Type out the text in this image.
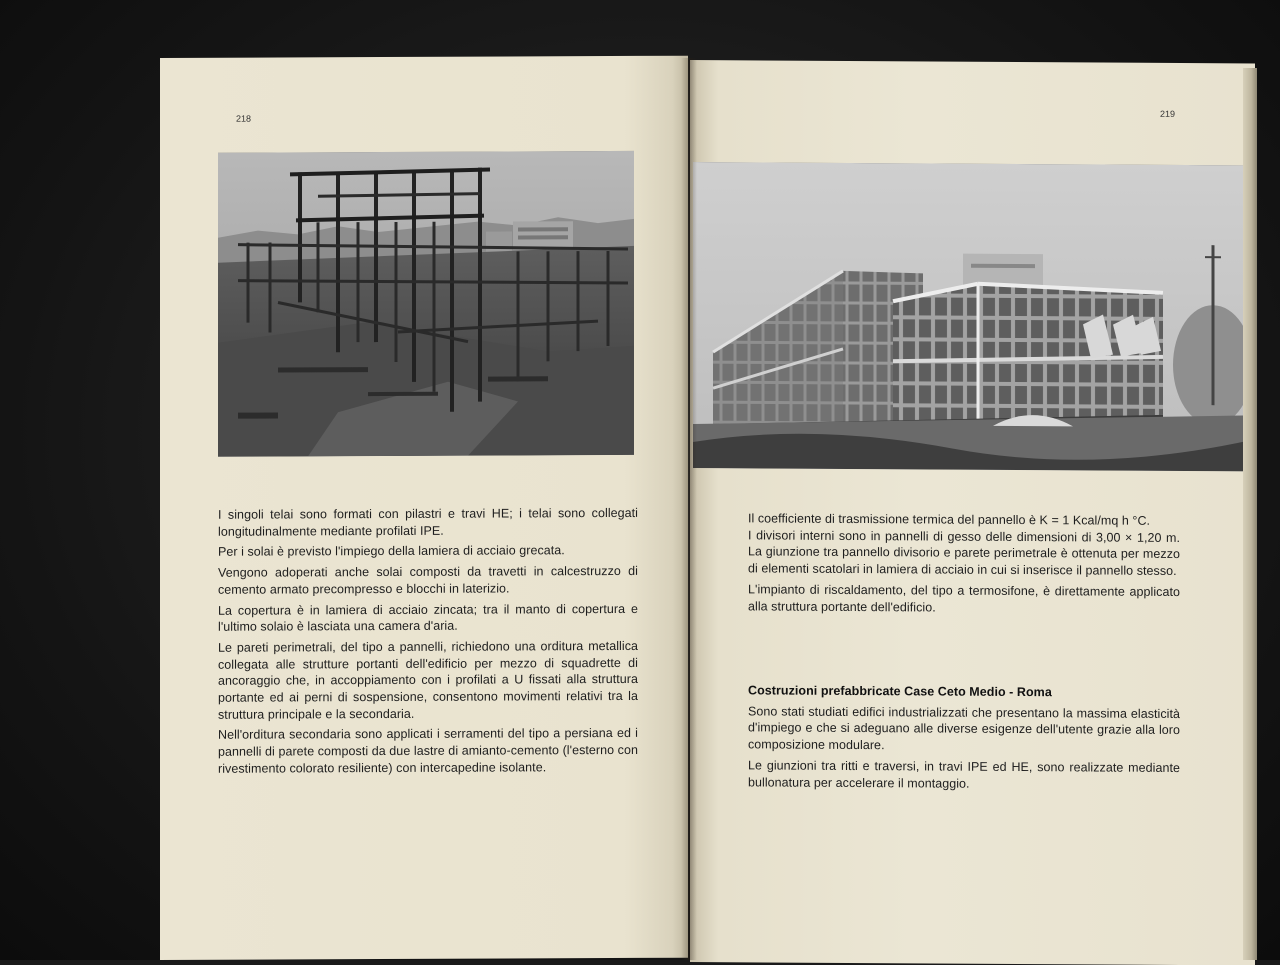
218

I singoli telai sono formati con pilastri e travi HE; i telai sono collegati longitudinalmente mediante profilati IPE.

Per i solai è previsto l'impiego della lamiera di acciaio grecata.

Vengono adoperati anche solai composti da travetti in calcestruzzo di cemento armato precompresso e blocchi in laterizio.

La copertura è in lamiera di acciaio zincata; tra il manto di copertura e l'ultimo solaio è lasciata una camera d'aria.

Le pareti perimetrali, del tipo a pannelli, richiedono una orditura metallica collegata alle strutture portanti dell'edificio per mezzo di squadrette di ancoraggio che, in accoppiamento con i profilati a U fissati alla struttura portante ed ai perni di sospensione, consentono movimenti relativi tra la struttura principale e la secondaria.

Nell'orditura secondaria sono applicati i serramenti del tipo a persiana ed i pannelli di parete composti da due lastre di amianto-cemento (l'esterno con rivestimento colorato resiliente) con intercapedine isolante.

219

Il coefficiente di trasmissione termica del pannello è K = 1 Kcal/mq h °C.

I divisori interni sono in pannelli di gesso delle dimensioni di 3,00 × 1,20 m. La giunzione tra pannello divisorio e parete perimetrale è ottenuta per mezzo di elementi scatolari in lamiera di acciaio in cui si inserisce il pannello stesso.

L'impianto di riscaldamento, del tipo a termosifone, è direttamente applicato alla struttura portante dell'edificio.

Costruzioni prefabbricate Case Ceto Medio - Roma

Sono stati studiati edifici industrializzati che presentano la massima elasticità d'impiego e che si adeguano alle diverse esigenze dell'utente grazie alla loro composizione modulare.

Le giunzioni tra ritti e traversi, in travi IPE ed HE, sono realizzate mediante bullonatura per accelerare il montaggio.
